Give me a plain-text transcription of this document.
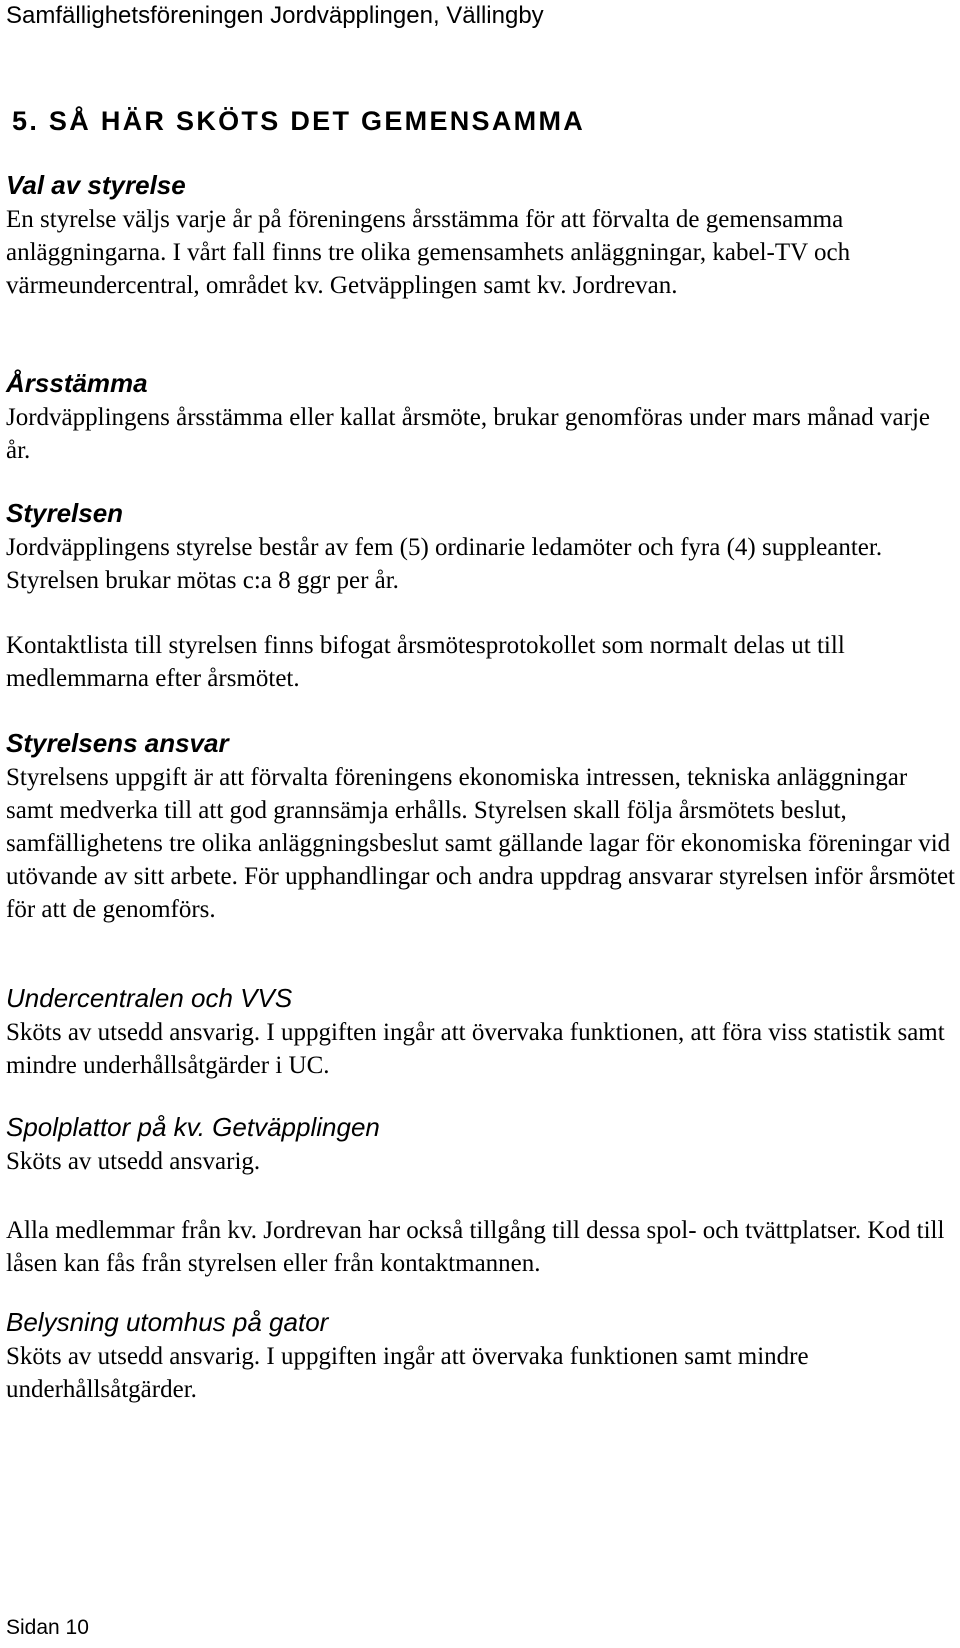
Samfällighetsföreningen Jordväpplingen, Vällingby
5. SÅ HÄR SKÖTS DET GEMENSAMMA
Val av styrelse

En styrelse väljs varje år på föreningens årsstämma för att förvalta de gemensamma anläggningarna. I vårt fall finns tre olika gemensamhets anläggningar, kabel-TV och värmeundercentral, området kv. Getväpplingen samt kv. Jordrevan.

Årsstämma

Jordväpplingens årsstämma eller kallat årsmöte, brukar genomföras under mars månad varje år.

Styrelsen

Jordväpplingens styrelse består av fem (5) ordinarie ledamöter och fyra (4) suppleanter. Styrelsen brukar mötas c:a 8 ggr per år.

Kontaktlista till styrelsen finns bifogat årsmötesprotokollet som normalt delas ut till medlemmarna efter årsmötet.

Styrelsens ansvar

Styrelsens uppgift är att förvalta föreningens ekonomiska intressen, tekniska anläggningar samt medverka till att god grannsämja erhålls. Styrelsen skall följa årsmötets beslut, samfällighetens tre olika anläggningsbeslut samt gällande lagar för ekonomiska föreningar vid utövande av sitt arbete. För upphandlingar och andra uppdrag ansvarar styrelsen inför årsmötet för att de genomförs.

Undercentralen och VVS

Sköts av utsedd ansvarig. I uppgiften ingår att övervaka funktionen, att föra viss statistik samt mindre underhållsåtgärder i UC.

Spolplattor på kv. Getväpplingen

Sköts av utsedd ansvarig.

Alla medlemmar från kv. Jordrevan har också tillgång till dessa spol- och tvättplatser. Kod till låsen kan fås från styrelsen eller från kontaktmannen.

Belysning utomhus på gator

Sköts av utsedd ansvarig. I uppgiften ingår att övervaka funktionen samt mindre underhållsåtgärder.

Sidan 10
